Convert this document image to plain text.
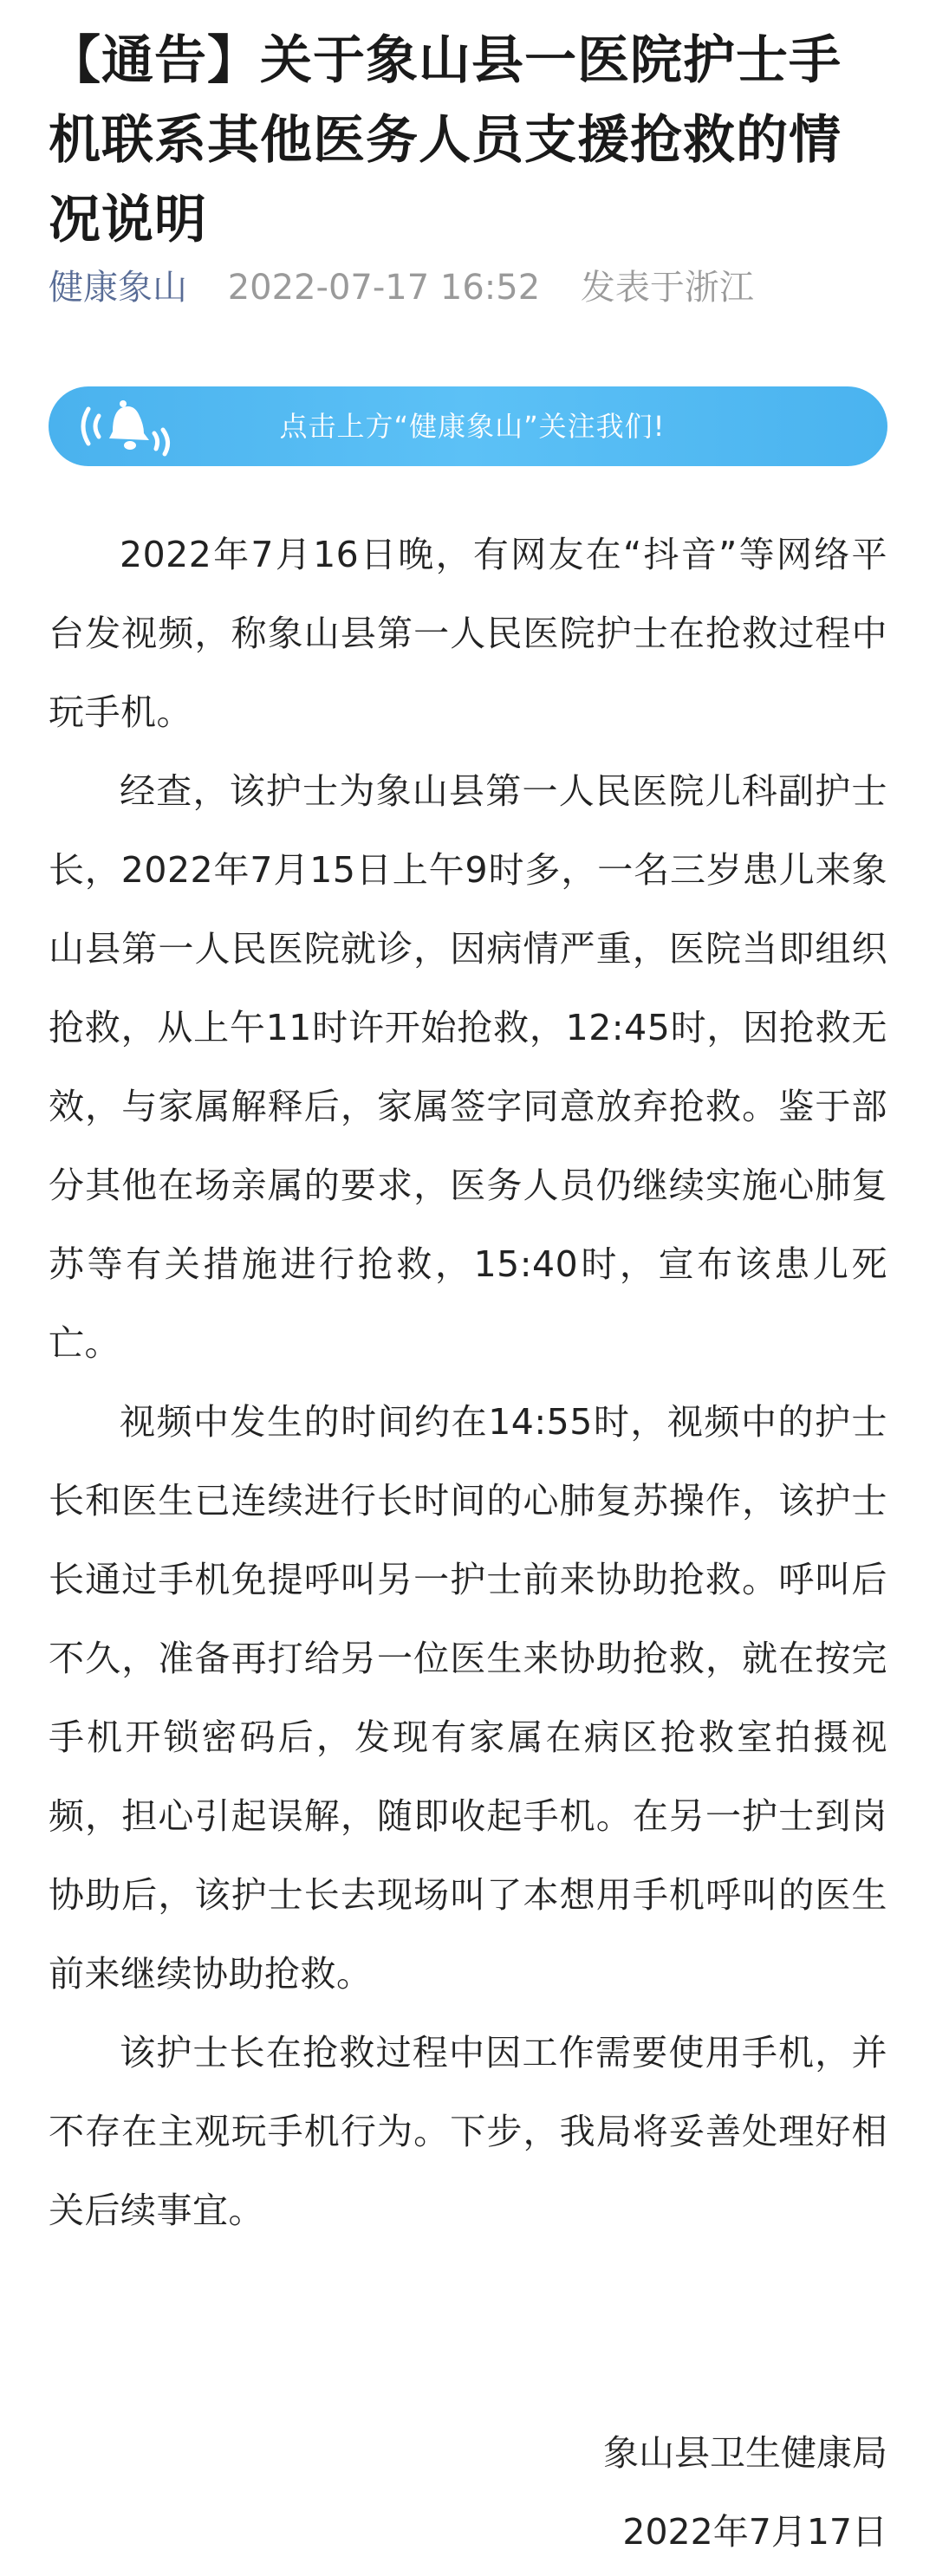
【通告】关于象山县一医院护士手机联系其他医务人员支援抢救的情况说明
健康象山 2022-07-17 16:52 发表于浙江
点击上方“健康象山”关注我们!

2022年7月16日晚，有网友在“抖音”等网络平台发视频，称象山县第一人民医院护士在抢救过程中玩手机。

经查，该护士为象山县第一人民医院儿科副护士长，2022年7月15日上午9时多，一名三岁患儿来象山县第一人民医院就诊，因病情严重，医院当即组织抢救，从上午11时许开始抢救，12:45时，因抢救无效，与家属解释后，家属签字同意放弃抢救。鉴于部分其他在场亲属的要求，医务人员仍继续实施心肺复苏等有关措施进行抢救，15:40时，宣布该患儿死亡。

视频中发生的时间约在14:55时，视频中的护士长和医生已连续进行长时间的心肺复苏操作，该护士长通过手机免提呼叫另一护士前来协助抢救。呼叫后不久，准备再打给另一位医生来协助抢救，就在按完手机开锁密码后，发现有家属在病区抢救室拍摄视频，担心引起误解，随即收起手机。在另一护士到岗协助后，该护士长去现场叫了本想用手机呼叫的医生前来继续协助抢救。

该护士长在抢救过程中因工作需要使用手机，并不存在主观玩手机行为。下步，我局将妥善处理好相关后续事宜。

象山县卫生健康局
2022年7月17日
